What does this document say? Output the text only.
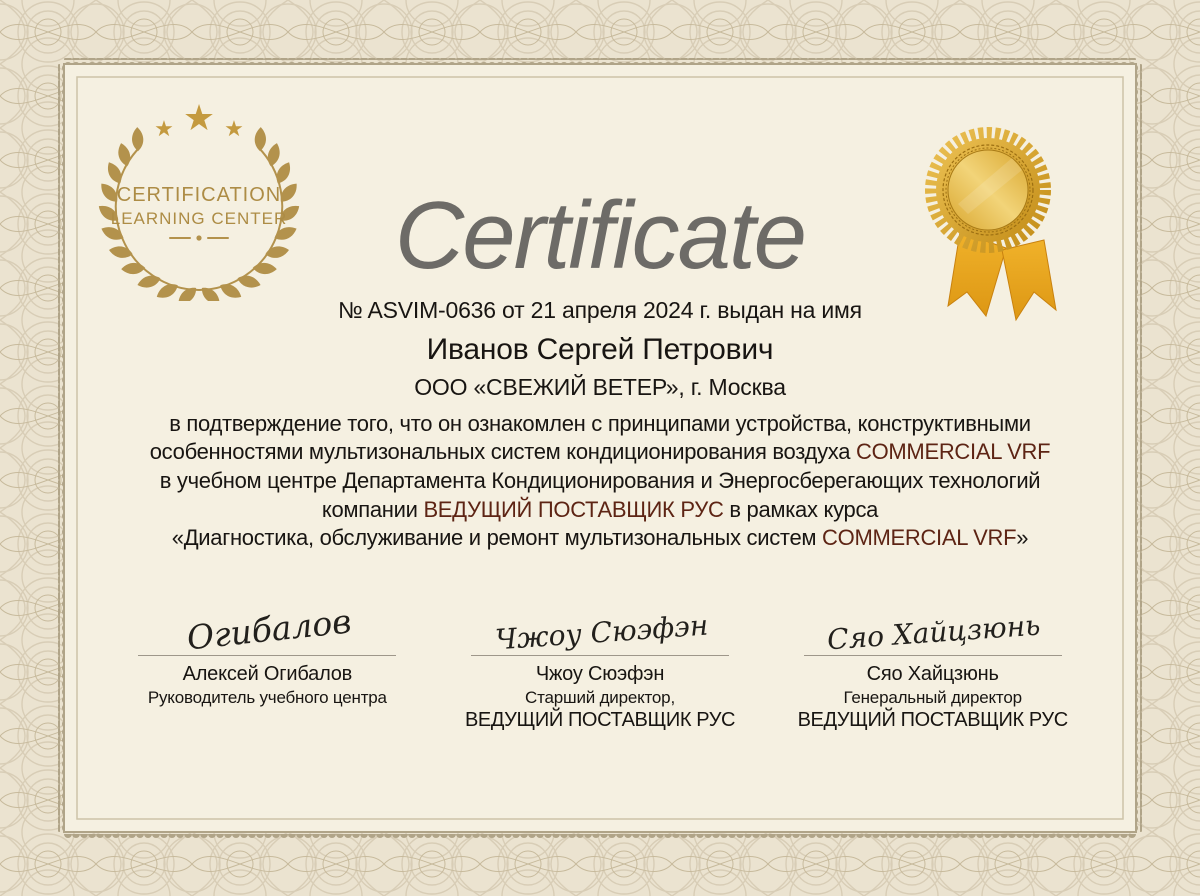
★
★ ★
CERTIFICATION
LEARNING CENTER	Certificate
№ ASVIM-0636 от 21 апреля 2024 г. выдан на имя
Иванов Сергей Петрович
ООО «СВЕЖИЙ ВЕТЕР», г. Москва
в подтверждение того, что он ознакомлен с принципами устройства, конструктивными
особенностями мультизональных систем кондиционирования воздуха COMMERCIAL VRF
в учебном центре Департамента Кондиционирования и Энергосберегающих технологий
компании ВЕДУЩИЙ ПОСТАВЩИК РУС в рамках курса
«Диагностика, обслуживание и ремонт мультизональных систем COMMERCIAL VRF»
Огибалов
Алексей Огибалов
Руководитель учебного центра
Чжоу Сюэфэн
Чжоу Сюэфэн
Старший директор,
ВЕДУЩИЙ ПОСТАВЩИК РУС
Сяо Хайцзюнь
Сяо Хайцзюнь
Генеральный директор
ВЕДУЩИЙ ПОСТАВЩИК РУС
